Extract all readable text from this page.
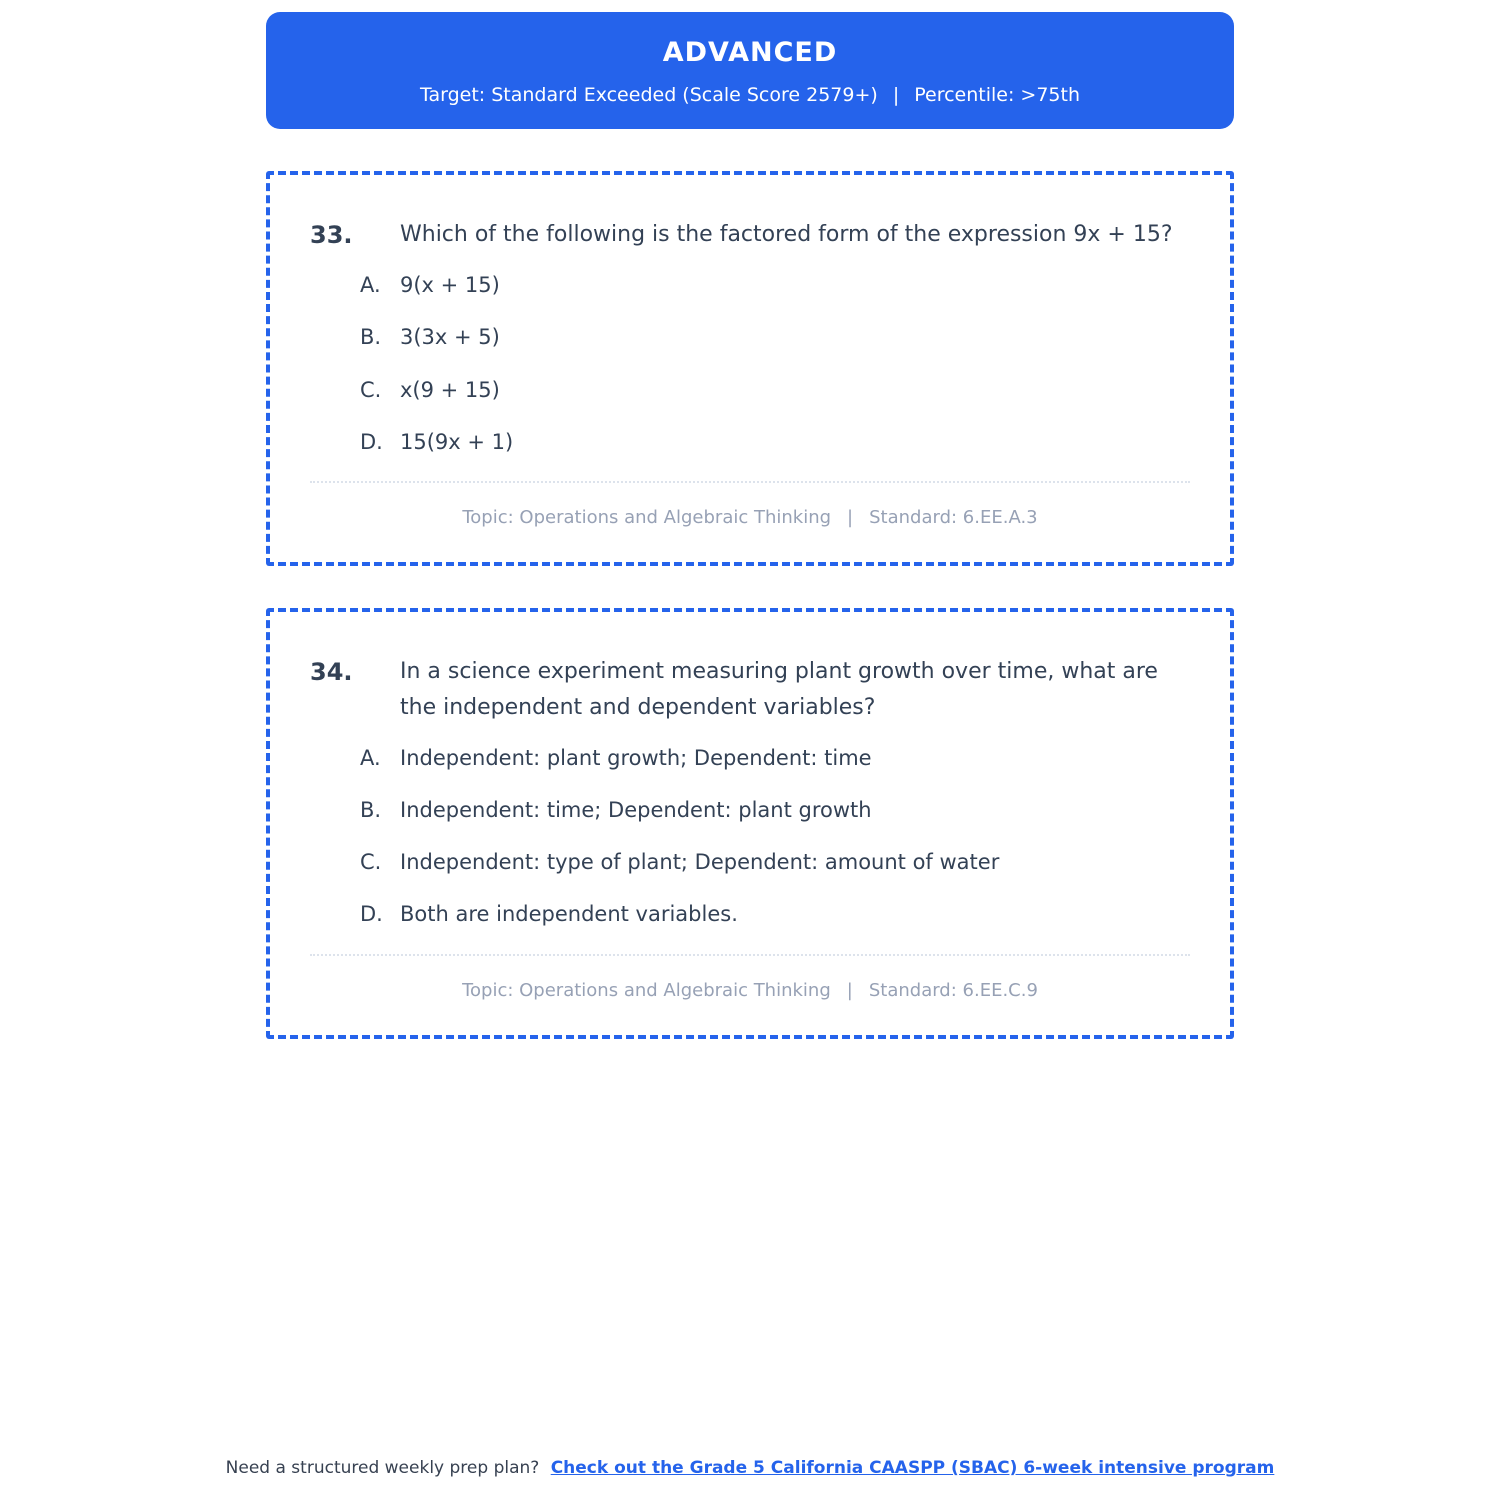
ADVANCED
Target: Standard Exceeded (Scale Score 2579+) | Percentile: >75th
33.	Which of the following is the factored form of the expression 9x + 15?
A. 9(x + 15)
B. 3(3x + 5)
C. x(9 + 15)
D. 15(9x + 1)
Topic: Operations and Algebraic Thinking | Standard: 6.EE.A.3
34.	In a science experiment measuring plant growth over time, what are the independent and dependent variables?
A. Independent: plant growth; Dependent: time
B. Independent: time; Dependent: plant growth
C. Independent: type of plant; Dependent: amount of water
D. Both are independent variables.
Topic: Operations and Algebraic Thinking | Standard: 6.EE.C.9
Need a structured weekly prep plan? Check out the Grade 5 California CAASPP (SBAC) 6-week intensive program
